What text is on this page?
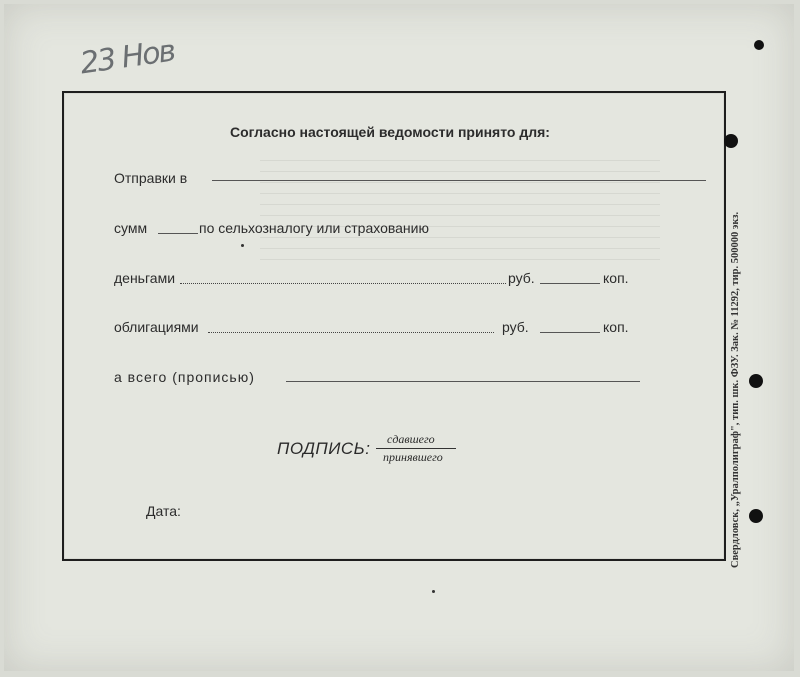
23 Нов
Согласно настоящей ведомости принято для:
Отправки в
сумм	по сельхозналогу или страхованию
деньгами	руб.	коп.
облигациями	руб.	коп.
а всего (прописью)
ПОДПИСЬ: сдавшего
принявшего
Дата:	Свердловск, „Уралполиграф", тип. шк. ФЗУ. Зак. № 11292, тир. 500000 экз.
